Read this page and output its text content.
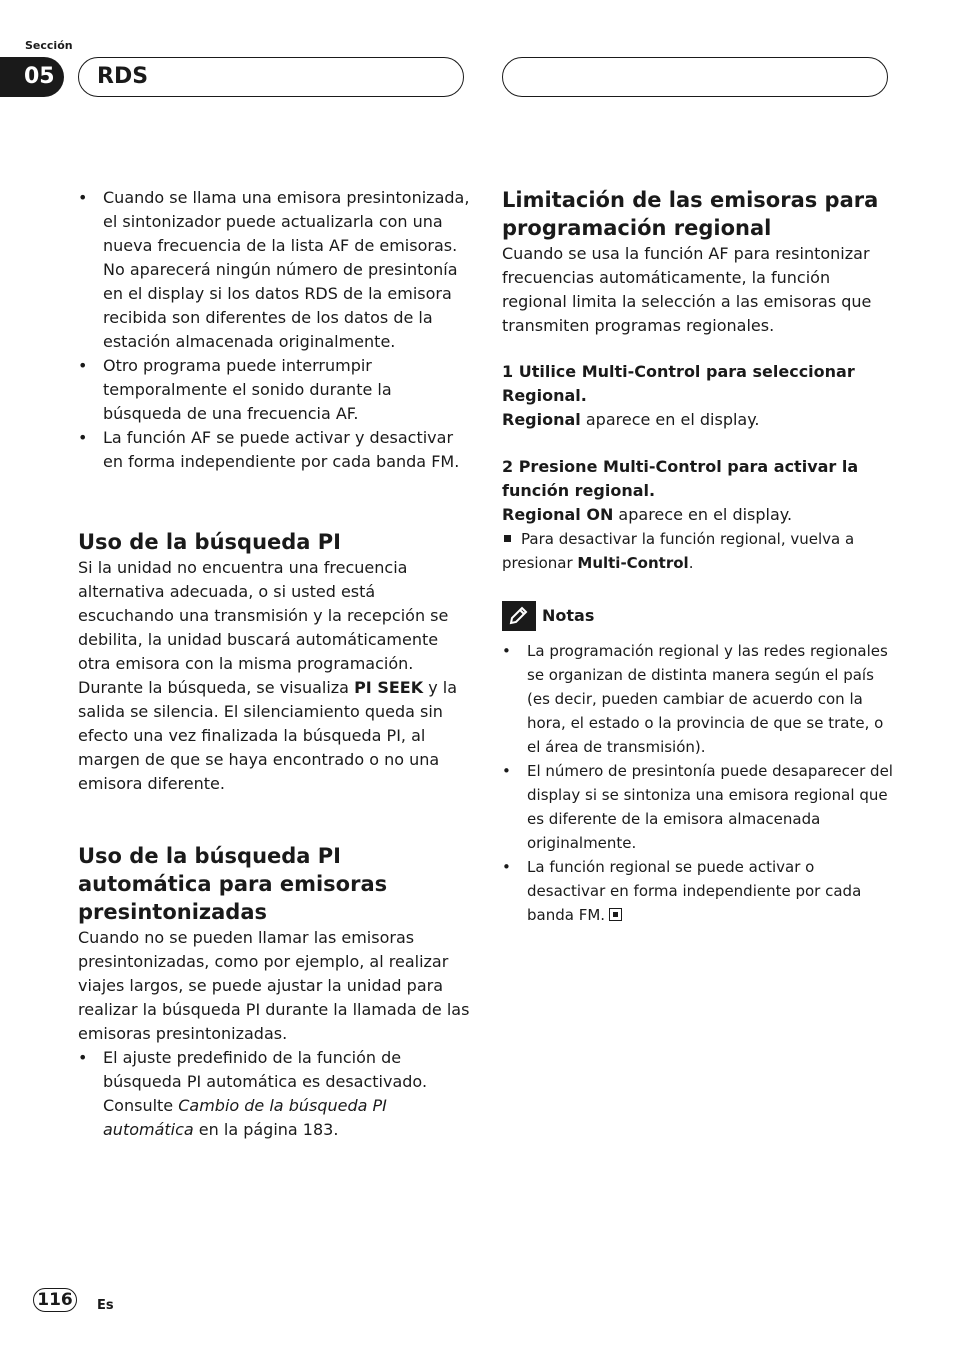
Sección
05	RDS
• Cuando se llama una emisora presintonizada, el sintonizador puede actualizarla con una nueva frecuencia de la lista AF de emisoras. No aparecerá ningún número de presintonía en el display si los datos RDS de la emisora recibida son diferentes de los datos de la estación almacenada originalmente.
• Otro programa puede interrumpir temporalmente el sonido durante la búsqueda de una frecuencia AF.
• La función AF se puede activar y desactivar en forma independiente por cada banda FM.
Uso de la búsqueda PI

Si la unidad no encuentra una frecuencia alternativa adecuada, o si usted está escuchando una transmisión y la recepción se debilita, la unidad buscará automáticamente otra emisora con la misma programación. Durante la búsqueda, se visualiza PI SEEK y la salida se silencia. El silenciamiento queda sin efecto una vez finalizada la búsqueda PI, al margen de que se haya encontrado o no una emisora diferente.

Uso de la búsqueda PI automática para emisoras presintonizadas

Cuando no se pueden llamar las emisoras presintonizadas, como por ejemplo, al realizar viajes largos, se puede ajustar la unidad para realizar la búsqueda PI durante la llamada de las emisoras presintonizadas.

• El ajuste predefinido de la función de búsqueda PI automática es desactivado. Consulte Cambio de la búsqueda PI automática en la página 183.
Limitación de las emisoras para programación regional

Cuando se usa la función AF para resintonizar frecuencias automáticamente, la función regional limita la selección a las emisoras que transmiten programas regionales.

1 Utilice Multi-Control para seleccionar Regional.

Regional aparece en el display.

2 Presione Multi-Control para activar la función regional.

Regional ON aparece en el display.

Para desactivar la función regional, vuelva a presionar Multi-Control.

Notas
• La programación regional y las redes regionales se organizan de distinta manera según el país (es decir, pueden cambiar de acuerdo con la hora, el estado o la provincia de que se trate, o el área de transmisión).
• El número de presintonía puede desaparecer del display si se sintoniza una emisora regional que es diferente de la emisora almacenada originalmente.
• La función regional se puede activar o desactivar en forma independiente por cada banda FM.
116	Es
